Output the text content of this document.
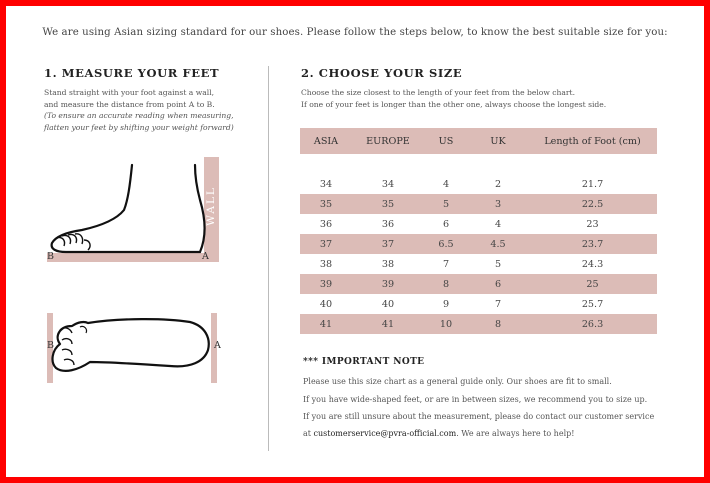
We are using Asian sizing standard for our shoes. Please follow the steps below, to know the best suitable size for you:
1. MEASURE YOUR FEET
Stand straight with your foot against a wall,
and measure the distance from point A to B.
(To ensure an accurate reading when measuring,
flatten your feet by shifting your weight forward)
WALL
B	A
B	A
2. CHOOSE YOUR SIZE
Choose the size closest to the length of your feet from the below chart.
If one of your feet is longer than the other one, always choose the longest side.
ASIA	EUROPE	US	UK	Length of Foot (cm)

34	34	4	2	21.7
35	35	5	3	22.5
36	36	6	4	23
37	37	6.5	4.5	23.7
38	38	7	5	24.3
39	39	8	6	25
40	40	9	7	25.7
41	41	10	8	26.3
*** IMPORTANT NOTE
Please use this size chart as a general guide only. Our shoes are fit to small.
If you have wide-shaped feet, or are in between sizes, we recommend you to size up.
If you are still unsure about the measurement, please do contact our customer service
at customerservice@pvra-official.com. We are always here to help!
